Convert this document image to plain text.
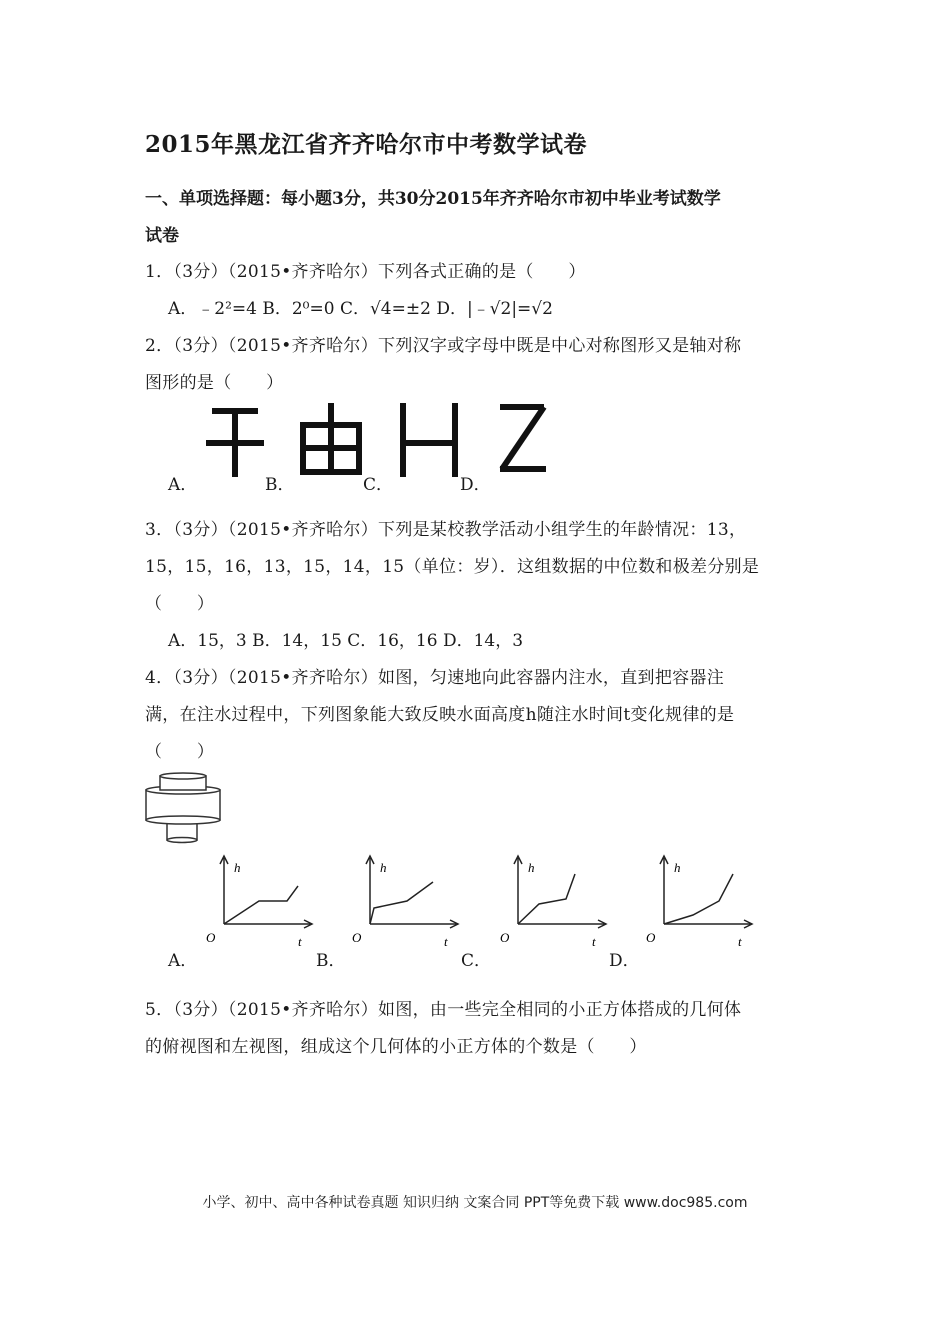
2015年黑龙江省齐齐哈尔市中考数学试卷
一、单项选择题：每小题3分，共30分2015年齐齐哈尔市初中毕业考试数学
试卷
1．（3分）（2015•齐齐哈尔）下列各式正确的是（　　）
A．﹣2²=4 B．2⁰=0 C．√4=±2 D．|﹣√2|=√2
2．（3分）（2015•齐齐哈尔）下列汉字或字母中既是中心对称图形又是轴对称
图形的是（　　）
A．	B．	C．	D．
3．（3分）（2015•齐齐哈尔）下列是某校教学活动小组学生的年龄情况：13，
15，15，16，13，15，14，15（单位：岁）．这组数据的中位数和极差分别是
（　　）
A．15，3 B．14，15 C．16，16 D．14，3
4．（3分）（2015•齐齐哈尔）如图，匀速地向此容器内注水，直到把容器注
满，在注水过程中，下列图象能大致反映水面高度h随注水时间t变化规律的是
（　　）
A．	B．	C．	D．
h
O	t
h
O	t
h
O	t
h
O	t
5．（3分）（2015•齐齐哈尔）如图，由一些完全相同的小正方体搭成的几何体
的俯视图和左视图，组成这个几何体的小正方体的个数是（　　）
小学、初中、高中各种试卷真题 知识归纳 文案合同 PPT等免费下载 www.doc985.com
